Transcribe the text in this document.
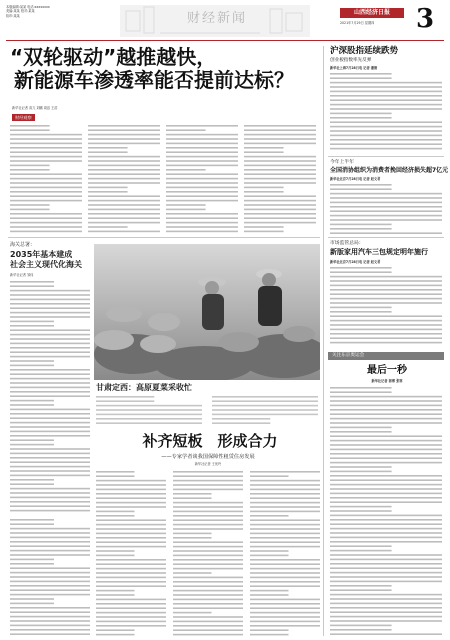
本版编辑:某某 电话:xxxxxxxx
美编:某某 校对:某某
检印:某某	财经新闻	山西经济日报
2021年7月29日 星期四	3
“双轮驱动”越推越快，
新能源车渗透率能否提前达标？
新华社记者 高亢 刘鹏 周蕊 王浩
财经观察
海关总署：
2035年基本建成
社会主义现代化海关
新华社记者 邹伟
甘肃定西：高原夏菜采收忙
补齐短板　形成合力
——专家学者谈我国保障性租赁住房发展
新华社记者 王优玲
沪深股指延续跌势
创业板指数率先反弹
新华社上海7月28日电 记者 潘清
今年上半年
全国消协组织为消费者挽回经济损失超7亿元
新华社北京7月28日电 记者 赵文君
市场监管总局：
新版家用汽车三包规定明年施行
新华社北京7月28日电 记者 赵文君
关注东京奥运会
最后一秒
新华社记者 郭博 张寒
